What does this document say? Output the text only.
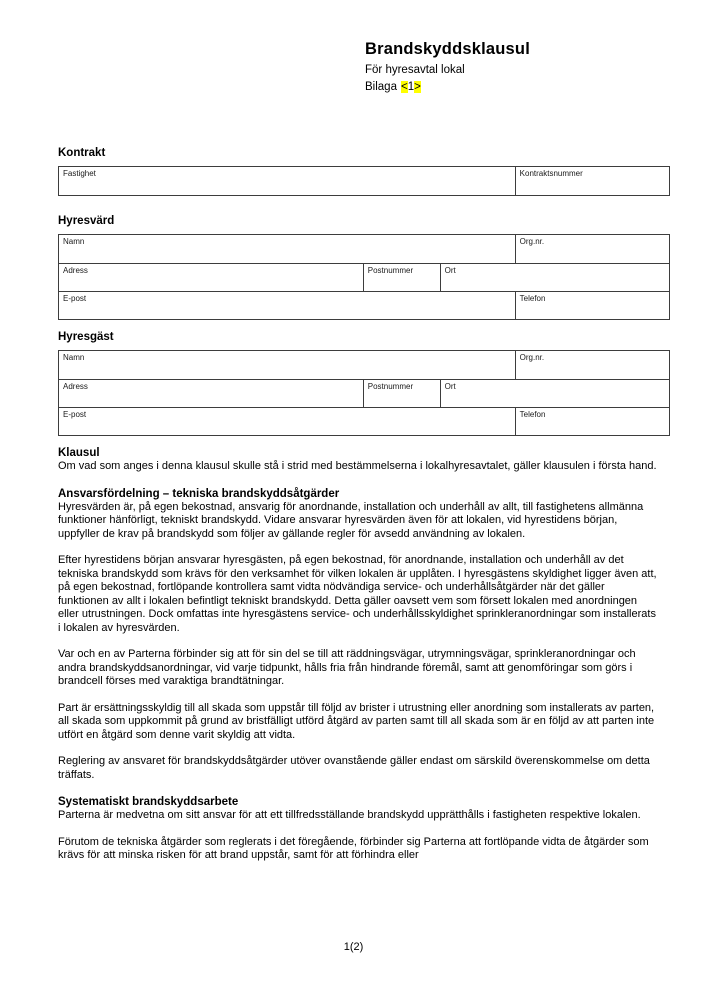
Brandskyddsklausul
För hyresavtal lokal
Bilaga <1>
Kontrakt
Fastighet	Kontraktsnummer
Hyresvärd
Namn	Org.nr.
Adress	Postnummer	Ort
E-post	Telefon
Hyresgäst
Namn	Org.nr.
Adress	Postnummer	Ort
E-post	Telefon
Klausul

Om vad som anges i denna klausul skulle stå i strid med bestämmelserna i lokalhyresavtalet, gäller klausulen i första hand.

Ansvarsfördelning – tekniska brandskyddsåtgärder

Hyresvärden är, på egen bekostnad, ansvarig för anordnande, installation och underhåll av allt, till fastighetens allmänna funktioner hänförligt, tekniskt brandskydd. Vidare ansvarar hyresvärden även för att lokalen, vid hyrestidens början, uppfyller de krav på brandskydd som följer av gällande regler för avsedd användning av lokalen.

Efter hyrestidens början ansvarar hyresgästen, på egen bekostnad, för anordnande, installation och underhåll av det tekniska brandskydd som krävs för den verksamhet för vilken lokalen är upplåten. I hyresgästens skyldighet ligger även att, på egen bekostnad, fortlöpande kontrollera samt vidta nödvändiga service- och underhållsåtgärder när det gäller funktionen av allt i lokalen befintligt tekniskt brandskydd. Detta gäller oavsett vem som försett lokalen med anordningen eller utrustningen. Dock omfattas inte hyresgästens service- och underhållsskyldighet sprinkleranordningar som installerats i lokalen av hyresvärden.

Var och en av Parterna förbinder sig att för sin del se till att räddningsvägar, utrymningsvägar, sprinkleranordningar och andra brandskyddsanordningar, vid varje tidpunkt, hålls fria från hindrande föremål, samt att genomföringar som görs i brandcell förses med varaktiga brandtätningar.

Part är ersättningsskyldig till all skada som uppstår till följd av brister i utrustning eller anordning som installerats av parten, all skada som uppkommit på grund av bristfälligt utförd åtgärd av parten samt till all skada som är en följd av att parten inte utfört en åtgärd som denne varit skyldig att vidta.

Reglering av ansvaret för brandskyddsåtgärder utöver ovanstående gäller endast om särskild överenskommelse om detta träffats.

Systematiskt brandskyddsarbete

Parterna är medvetna om sitt ansvar för att ett tillfredsställande brandskydd upprätthålls i fastigheten respektive lokalen.

Förutom de tekniska åtgärder som reglerats i det föregående, förbinder sig Parterna att fortlöpande vidta de åtgärder som krävs för att minska risken för att brand uppstår, samt för att förhindra eller

1(2)
